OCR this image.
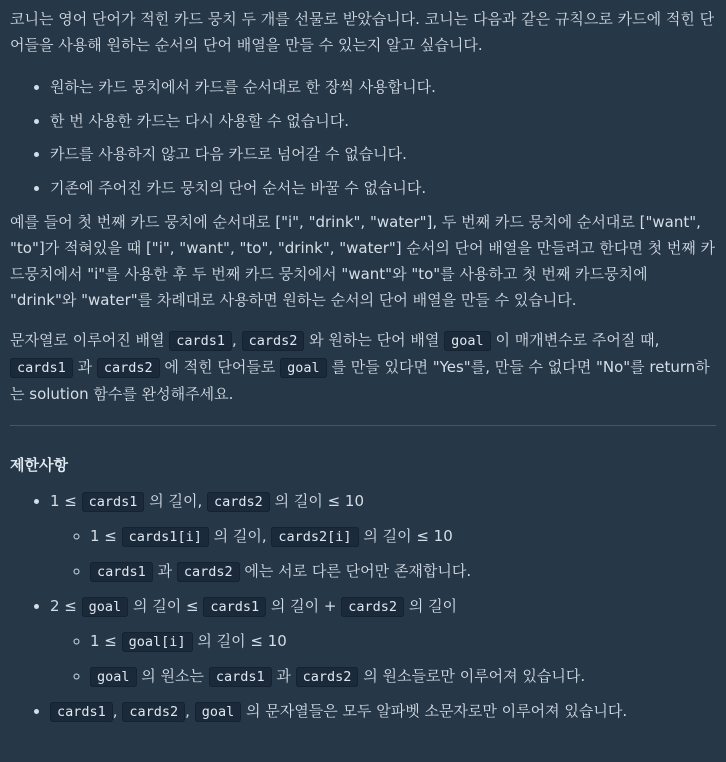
코니는 영어 단어가 적힌 카드 뭉치 두 개를 선물로 받았습니다. 코니는 다음과 같은 규칙으로 카드에 적힌 단어들을 사용해 원하는 순서의 단어 배열을 만들 수 있는지 알고 싶습니다.

• 원하는 카드 뭉치에서 카드를 순서대로 한 장씩 사용합니다.
• 한 번 사용한 카드는 다시 사용할 수 없습니다.
• 카드를 사용하지 않고 다음 카드로 넘어갈 수 없습니다.
• 기존에 주어진 카드 뭉치의 단어 순서는 바꿀 수 없습니다.

예를 들어 첫 번째 카드 뭉치에 순서대로 ["i", "drink", "water"], 두 번째 카드 뭉치에 순서대로 ["want", "to"]가 적혀있을 때 ["i", "want", "to", "drink", "water"] 순서의 단어 배열을 만들려고 한다면 첫 번째 카드뭉치에서 "i"를 사용한 후 두 번째 카드 뭉치에서 "want"와 "to"를 사용하고 첫 번째 카드뭉치에 "drink"와 "water"를 차례대로 사용하면 원하는 순서의 단어 배열을 만들 수 있습니다.

문자열로 이루어진 배열 cards1 , cards2 와 원하는 단어 배열 goal 이 매개변수로 주어질 때, cards1 과 cards2 에 적힌 단어들로 goal 를 만들 있다면 "Yes"를, 만들 수 없다면 "No"를 return하는 solution 함수를 완성해주세요.

제한사항
• 1 ≤ cards1 의 길이, cards2 의 길이 ≤ 10
◦ 1 ≤ cards1[i] 의 길이, cards2[i] 의 길이 ≤ 10
◦ cards1 과 cards2 에는 서로 다른 단어만 존재합니다.
• 2 ≤ goal 의 길이 ≤ cards1 의 길이 + cards2 의 길이
◦ 1 ≤ goal[i] 의 길이 ≤ 10
◦ goal 의 원소는 cards1 과 cards2 의 원소들로만 이루어져 있습니다.
• cards1 , cards2 , goal 의 문자열들은 모두 알파벳 소문자로만 이루어져 있습니다.
